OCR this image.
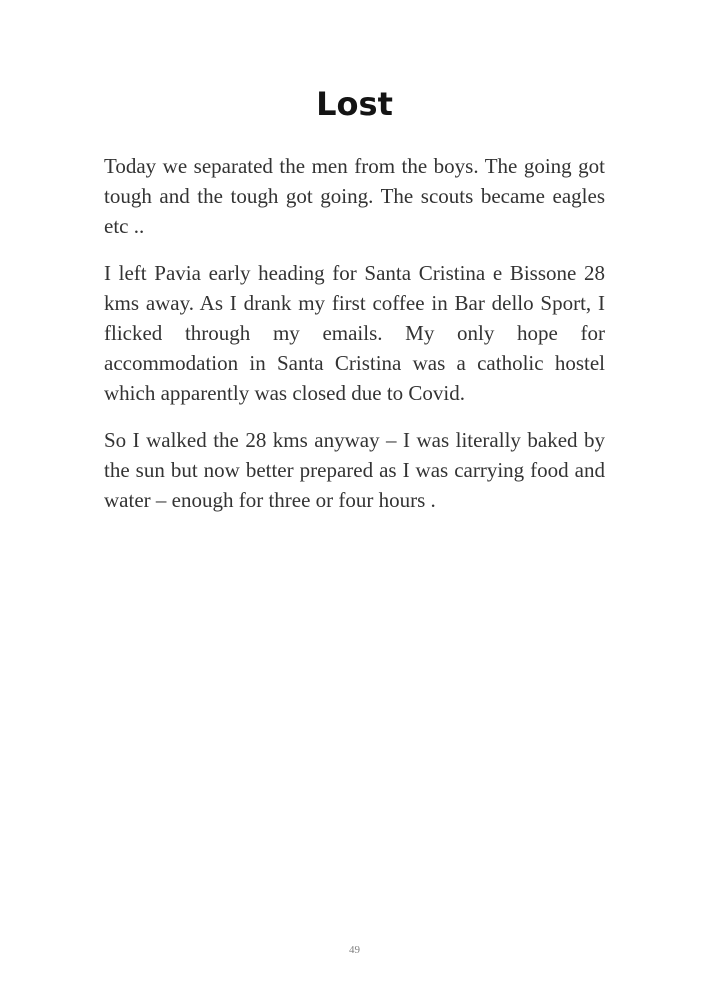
Lost

Today we separated the men from the boys. The going got tough and the tough got going. The scouts became eagles etc ..

I left Pavia early heading for Santa Cristina e Bissone 28 kms away. As I drank my first coffee in Bar dello Sport, I flicked through my emails. My only hope for accommodation in Santa Cristina was a catholic hostel which apparently was closed due to Covid.

So I walked the 28 kms anyway – I was literally baked by the sun but now better prepared as I was carrying food and water – enough for three or four hours .

49
